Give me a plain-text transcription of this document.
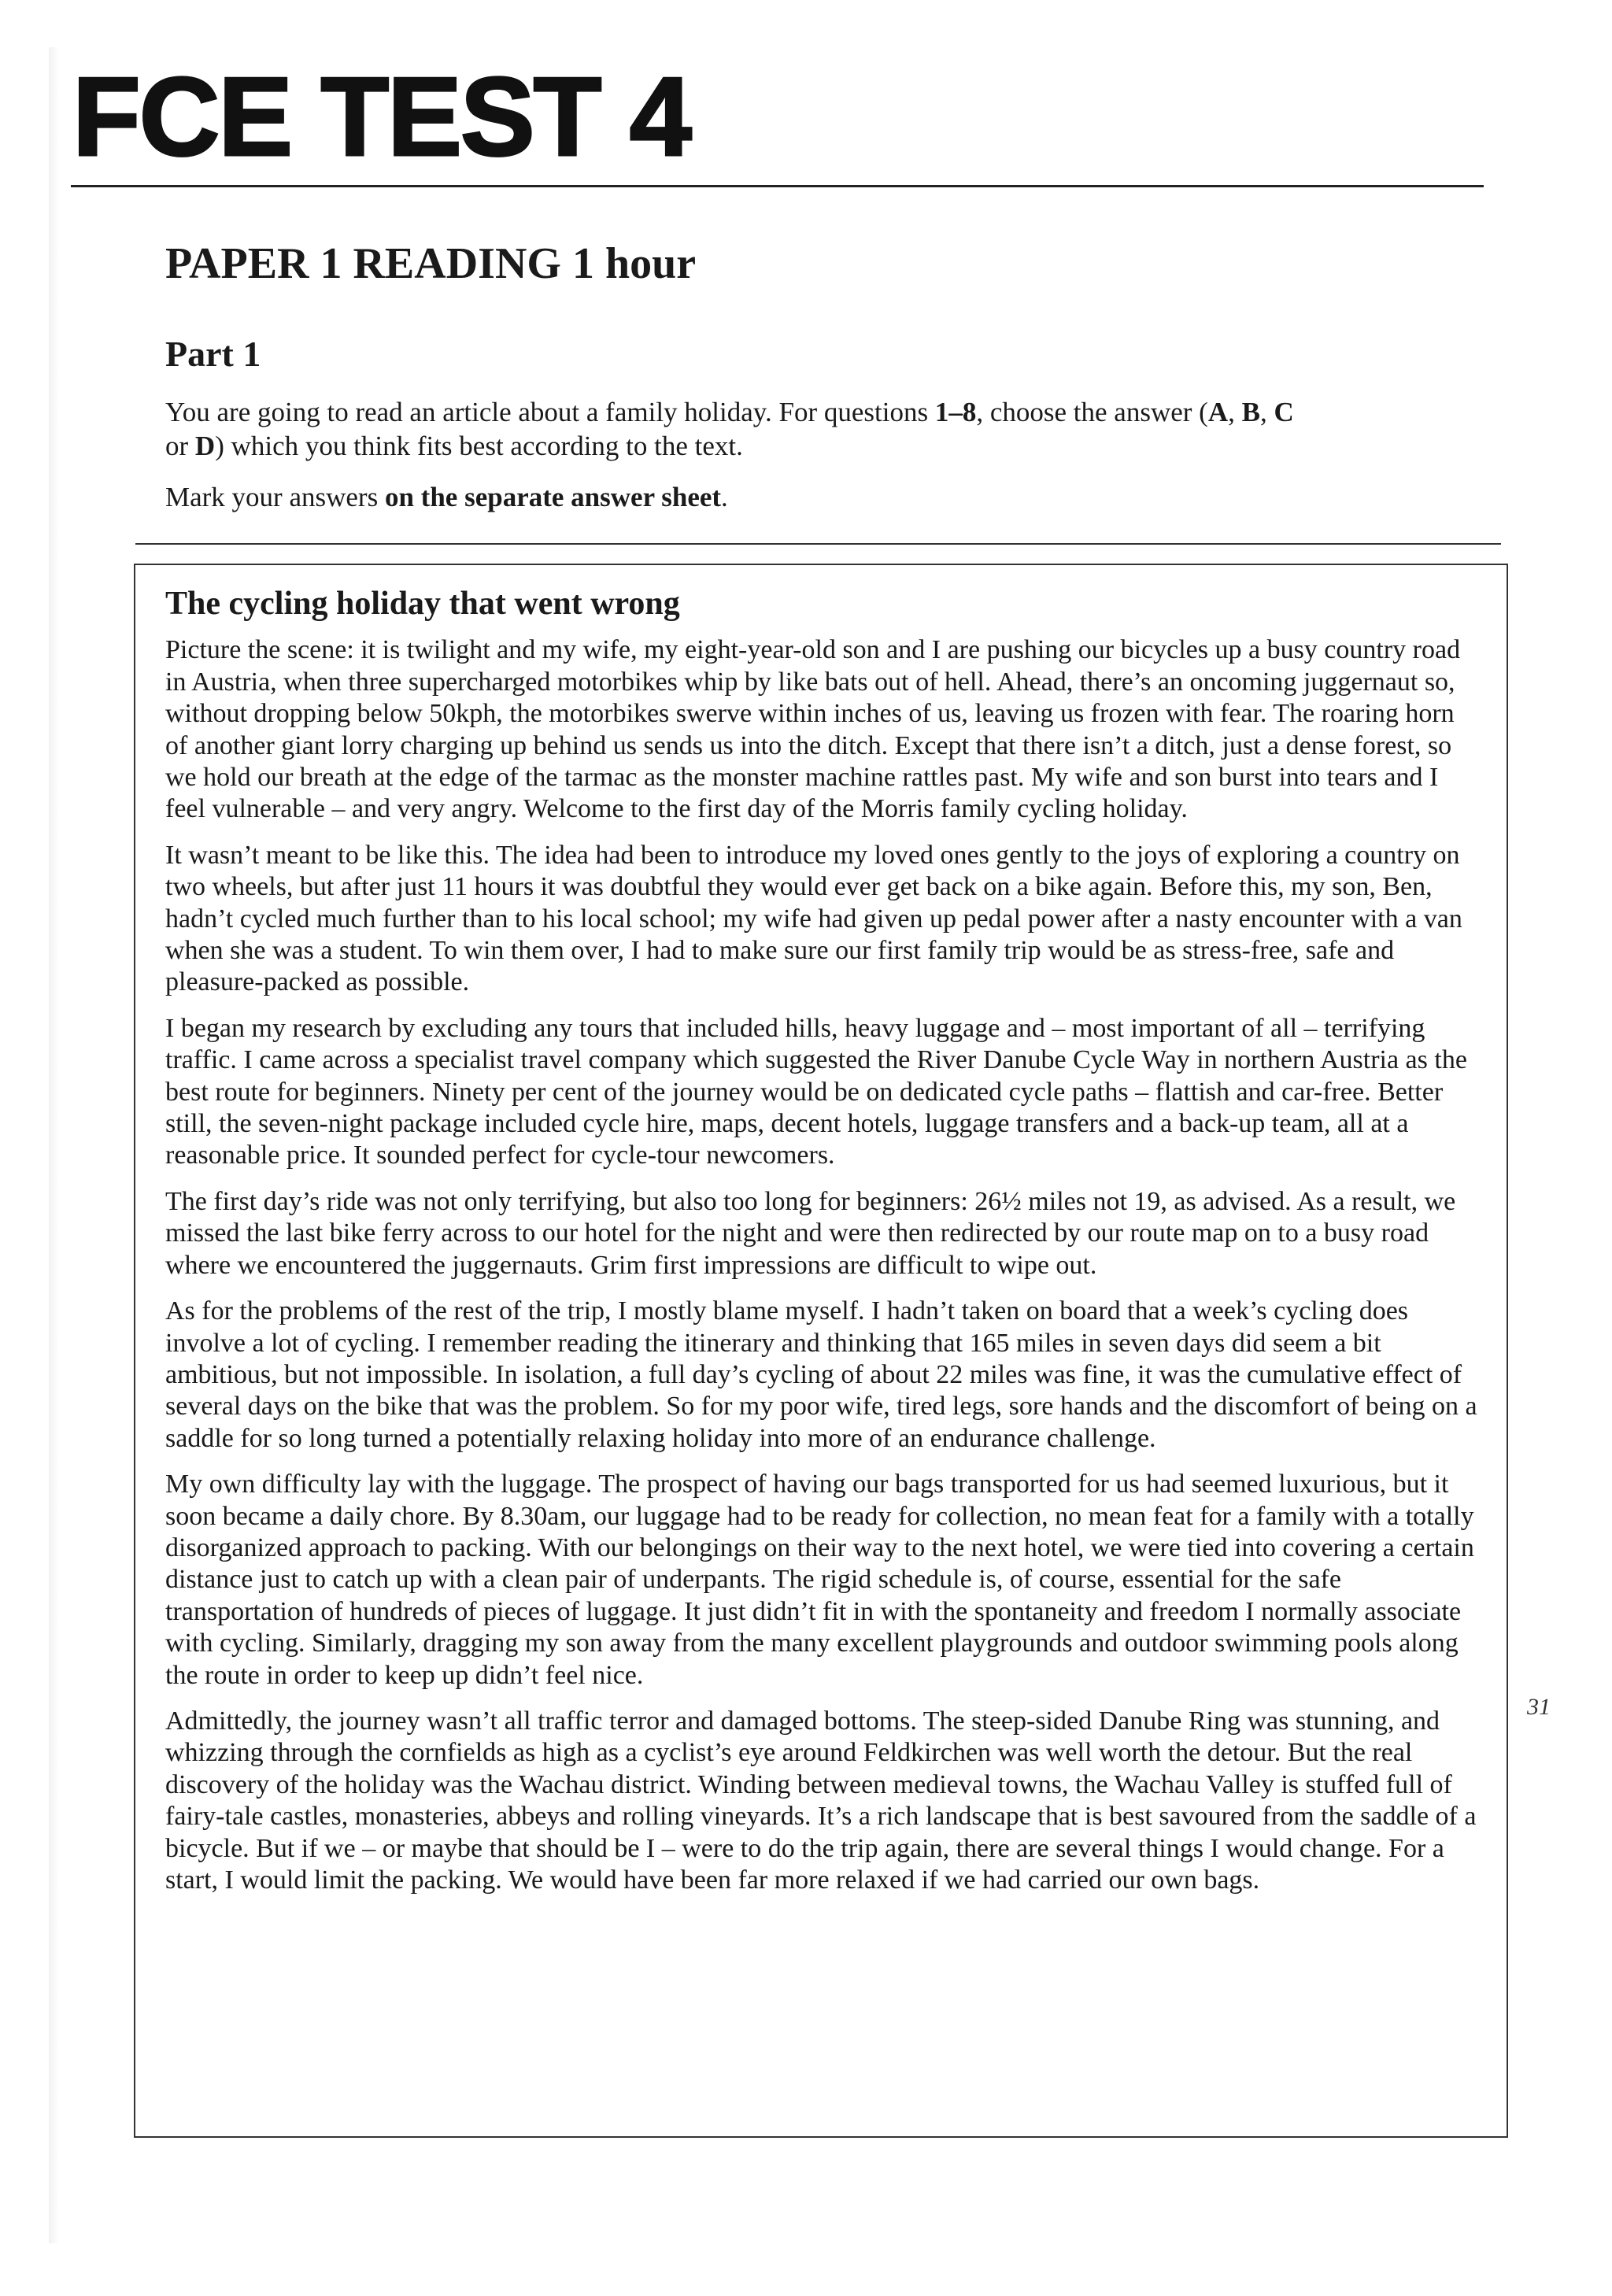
FCE TEST 4
PAPER 1 READING 1 hour
Part 1

You are going to read an article about a family holiday. For questions 1–8, choose the answer (A, B, C
or D) which you think fits best according to the text.

Mark your answers on the separate answer sheet.

The cycling holiday that went wrong

Picture the scene: it is twilight and my wife, my eight-year-old son and I are pushing our bicycles up a busy country road in Austria, when three supercharged motorbikes whip by like bats out of hell. Ahead, there’s an oncoming juggernaut so, without dropping below 50kph, the motorbikes swerve within inches of us, leaving us frozen with fear. The roaring horn of another giant lorry charging up behind us sends us into the ditch. Except that there isn’t a ditch, just a dense forest, so we hold our breath at the edge of the tarmac as the monster machine rattles past. My wife and son burst into tears and I feel vulnerable – and very angry. Welcome to the first day of the Morris family cycling holiday.

It wasn’t meant to be like this. The idea had been to introduce my loved ones gently to the joys of exploring a country on two wheels, but after just 11 hours it was doubtful they would ever get back on a bike again. Before this, my son, Ben, hadn’t cycled much further than to his local school; my wife had given up pedal power after a nasty encounter with a van when she was a student. To win them over, I had to make sure our first family trip would be as stress-free, safe and pleasure-packed as possible.

I began my research by excluding any tours that included hills, heavy luggage and – most important of all – terrifying traffic. I came across a specialist travel company which suggested the River Danube Cycle Way in northern Austria as the best route for beginners. Ninety per cent of the journey would be on dedicated cycle paths – flattish and car-free. Better still, the seven-night package included cycle hire, maps, decent hotels, luggage transfers and a back-up team, all at a reasonable price. It sounded perfect for cycle-tour newcomers.

The first day’s ride was not only terrifying, but also too long for beginners: 26½ miles not 19, as advised. As a result, we missed the last bike ferry across to our hotel for the night and were then redirected by our route map on to a busy road where we encountered the juggernauts. Grim first impressions are difficult to wipe out.

As for the problems of the rest of the trip, I mostly blame myself. I hadn’t taken on board that a week’s cycling does involve a lot of cycling. I remember reading the itinerary and thinking that 165 miles in seven days did seem a bit ambitious, but not impossible. In isolation, a full day’s cycling of about 22 miles was fine, it was the cumulative effect of several days on the bike that was the problem. So for my poor wife, tired legs, sore hands and the discomfort of being on a saddle for so long turned a potentially relaxing holiday into more of an endurance challenge.

My own difficulty lay with the luggage. The prospect of having our bags transported for us had seemed luxurious, but it soon became a daily chore. By 8.30am, our luggage had to be ready for collection, no mean feat for a family with a totally disorganized approach to packing. With our belongings on their way to the next hotel, we were tied into covering a certain distance just to catch up with a clean pair of underpants. The rigid schedule is, of course, essential for the safe transportation of hundreds of pieces of luggage. It just didn’t fit in with the spontaneity and freedom I normally associate with cycling. Similarly, dragging my son away from the many excellent playgrounds and outdoor swimming pools along the route in order to keep up didn’t feel nice.

Admittedly, the journey wasn’t all traffic terror and damaged bottoms. The steep-sided Danube Ring was stunning, and whizzing through the cornfields as high as a cyclist’s eye around Feldkirchen was well worth the detour. But the real discovery of the holiday was the Wachau district. Winding between medieval towns, the Wachau Valley is stuffed full of fairy-tale castles, monasteries, abbeys and rolling vineyards. It’s a rich landscape that is best savoured from the saddle of a bicycle. But if we – or maybe that should be I – were to do the trip again, there are several things I would change. For a start, I would limit the packing. We would have been far more relaxed if we had carried our own bags.

31
